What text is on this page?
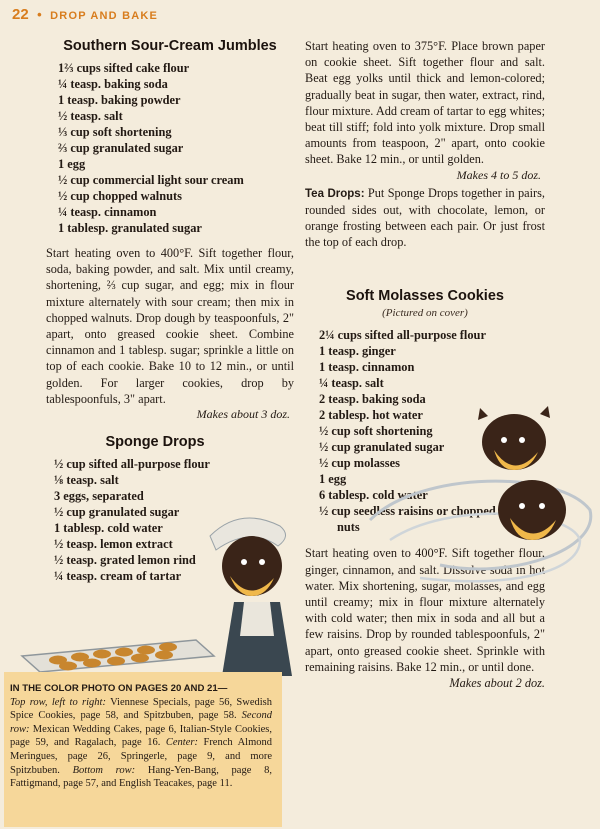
22 • DROP AND BAKE
Southern Sour-Cream Jumbles
1⅔ cups sifted cake flour
¼ teasp. baking soda
1 teasp. baking powder
½ teasp. salt
⅓ cup soft shortening
⅔ cup granulated sugar
1 egg
½ cup commercial light sour cream
½ cup chopped walnuts
¼ teasp. cinnamon
1 tablesp. granulated sugar

Start heating oven to 400°F. Sift together flour, soda, baking powder, and salt. Mix until creamy, shortening, ⅔ cup sugar, and egg; mix in flour mixture alternately with sour cream; then mix in chopped walnuts. Drop dough by teaspoonfuls, 2" apart, onto greased cookie sheet. Combine cinnamon and 1 tablesp. sugar; sprinkle a little on top of each cookie. Bake 10 to 12 min., or until golden. For larger cookies, drop by tablespoonfuls, 3" apart.

Makes about 3 doz.
Sponge Drops
½ cup sifted all-purpose flour
⅛ teasp. salt
3 eggs, separated
½ cup granulated sugar
1 tablesp. cold water
½ teasp. lemon extract
½ teasp. grated lemon rind
¼ teasp. cream of tartar

Start heating oven to 375°F. Place brown paper on cookie sheet. Sift together flour and salt. Beat egg yolks until thick and lemon-colored; gradually beat in sugar, then water, extract, rind, flour mixture. Add cream of tartar to egg whites; beat till stiff; fold into yolk mixture. Drop small amounts from teaspoon, 2" apart, onto cookie sheet. Bake 12 min., or until golden.

Makes 4 to 5 doz.

Tea Drops: Put Sponge Drops together in pairs, rounded sides out, with chocolate, lemon, or orange frosting between each pair. Or just frost the top of each drop.

Soft Molasses Cookies
(Pictured on cover)
2¼ cups sifted all-purpose flour
1 teasp. ginger
1 teasp. cinnamon
¼ teasp. salt
2 teasp. baking soda
2 tablesp. hot water
½ cup soft shortening
½ cup granulated sugar
½ cup molasses
1 egg
6 tablesp. cold water
½ cup seedless raisins or chopped
nuts

Start heating oven to 400°F. Sift together flour, ginger, cinnamon, and salt. Dissolve soda in hot water. Mix shortening, sugar, molasses, and egg until creamy; mix in flour mixture alternately with cold water; then mix in soda and all but a few raisins. Drop by rounded tablespoonfuls, 2" apart, onto greased cookie sheet. Sprinkle with remaining raisins. Bake 12 min., or until done.
Makes about 2 doz.

IN THE COLOR PHOTO ON PAGES 20 AND 21—
Top row, left to right: Viennese Specials, page 56, Swedish Spice Cookies, page 58, and Spitzbuben, page 58. Second row: Mexican Wedding Cakes, page 6, Italian-Style Cookies, page 59, and Ragalach, page 16. Center: French Almond Meringues, page 26, Springerle, page 9, and more Spitzbuben. Bottom row: Hang-Yen-Bang, page 8, Fattigmand, page 57, and English Teacakes, page 11.
